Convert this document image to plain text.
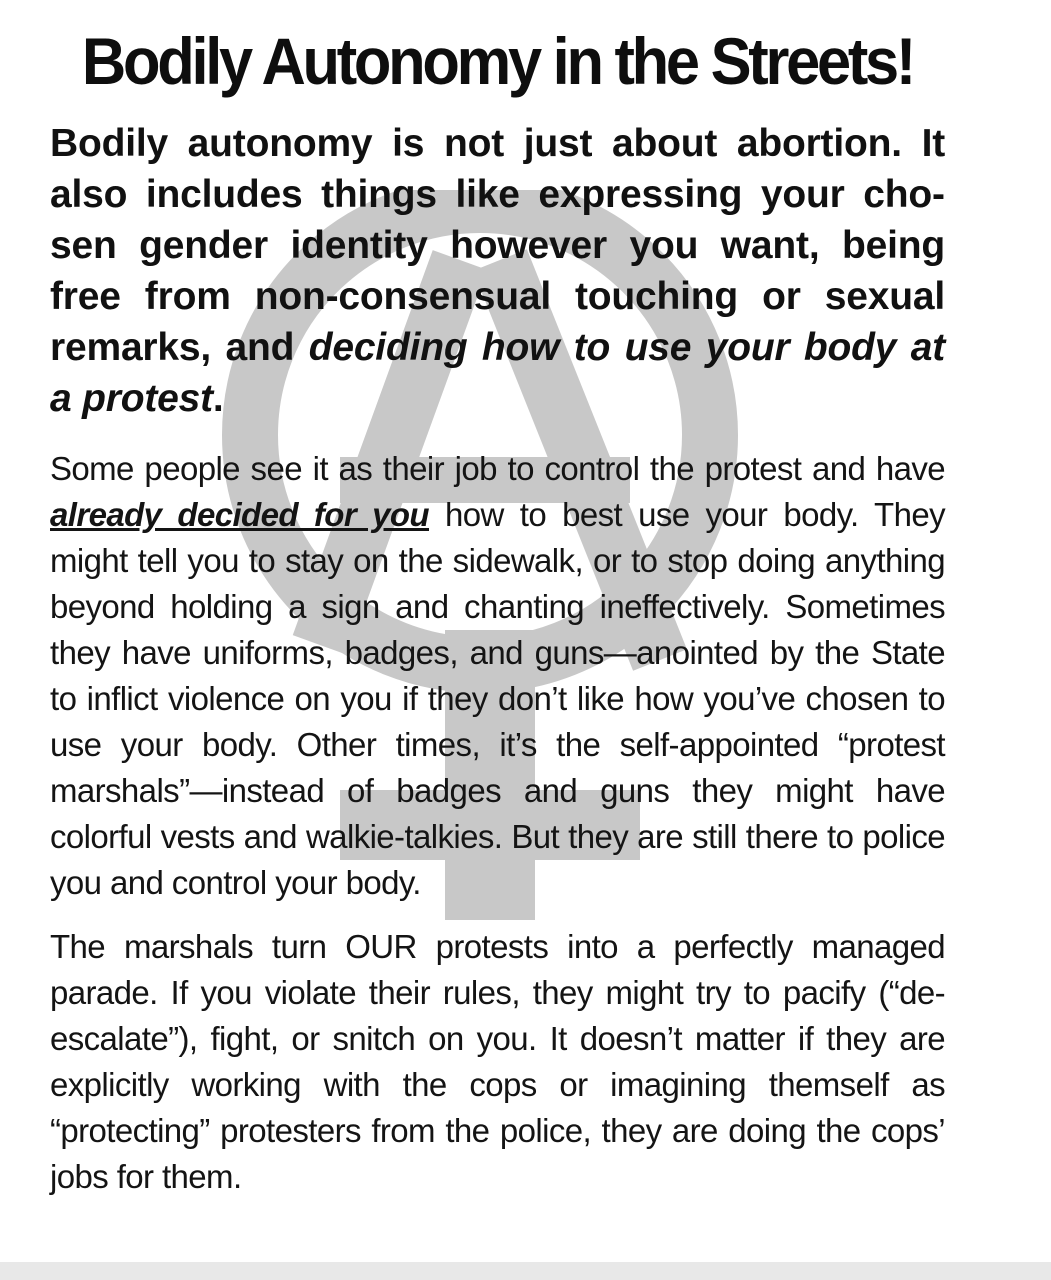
Bodily Autonomy in the Streets!

Bodily autonomy is not just about abortion. It also includes things like expressing your chosen gender identity however you want, being free from non-consensual touching or sexual remarks, and deciding how to use your body at a protest.

Some people see it as their job to control the protest and have already decided for you how to best use your body. They might tell you to stay on the sidewalk, or to stop doing anything beyond holding a sign and chanting ineffectively. Sometimes they have uniforms, badges, and guns—anointed by the State to inflict violence on you if they don’t like how you’ve chosen to use your body. Other times, it’s the self-appointed “protest marshals”—instead of badges and guns they might have colorful vests and walkie-talkies. But they are still there to police you and control your body.

The marshals turn OUR protests into a perfectly managed parade. If you violate their rules, they might try to pacify (“de-escalate”), fight, or snitch on you. It doesn’t matter if they are explicitly working with the cops or imagining themself as “protecting” protesters from the police, they are doing the cops’ jobs for them.
